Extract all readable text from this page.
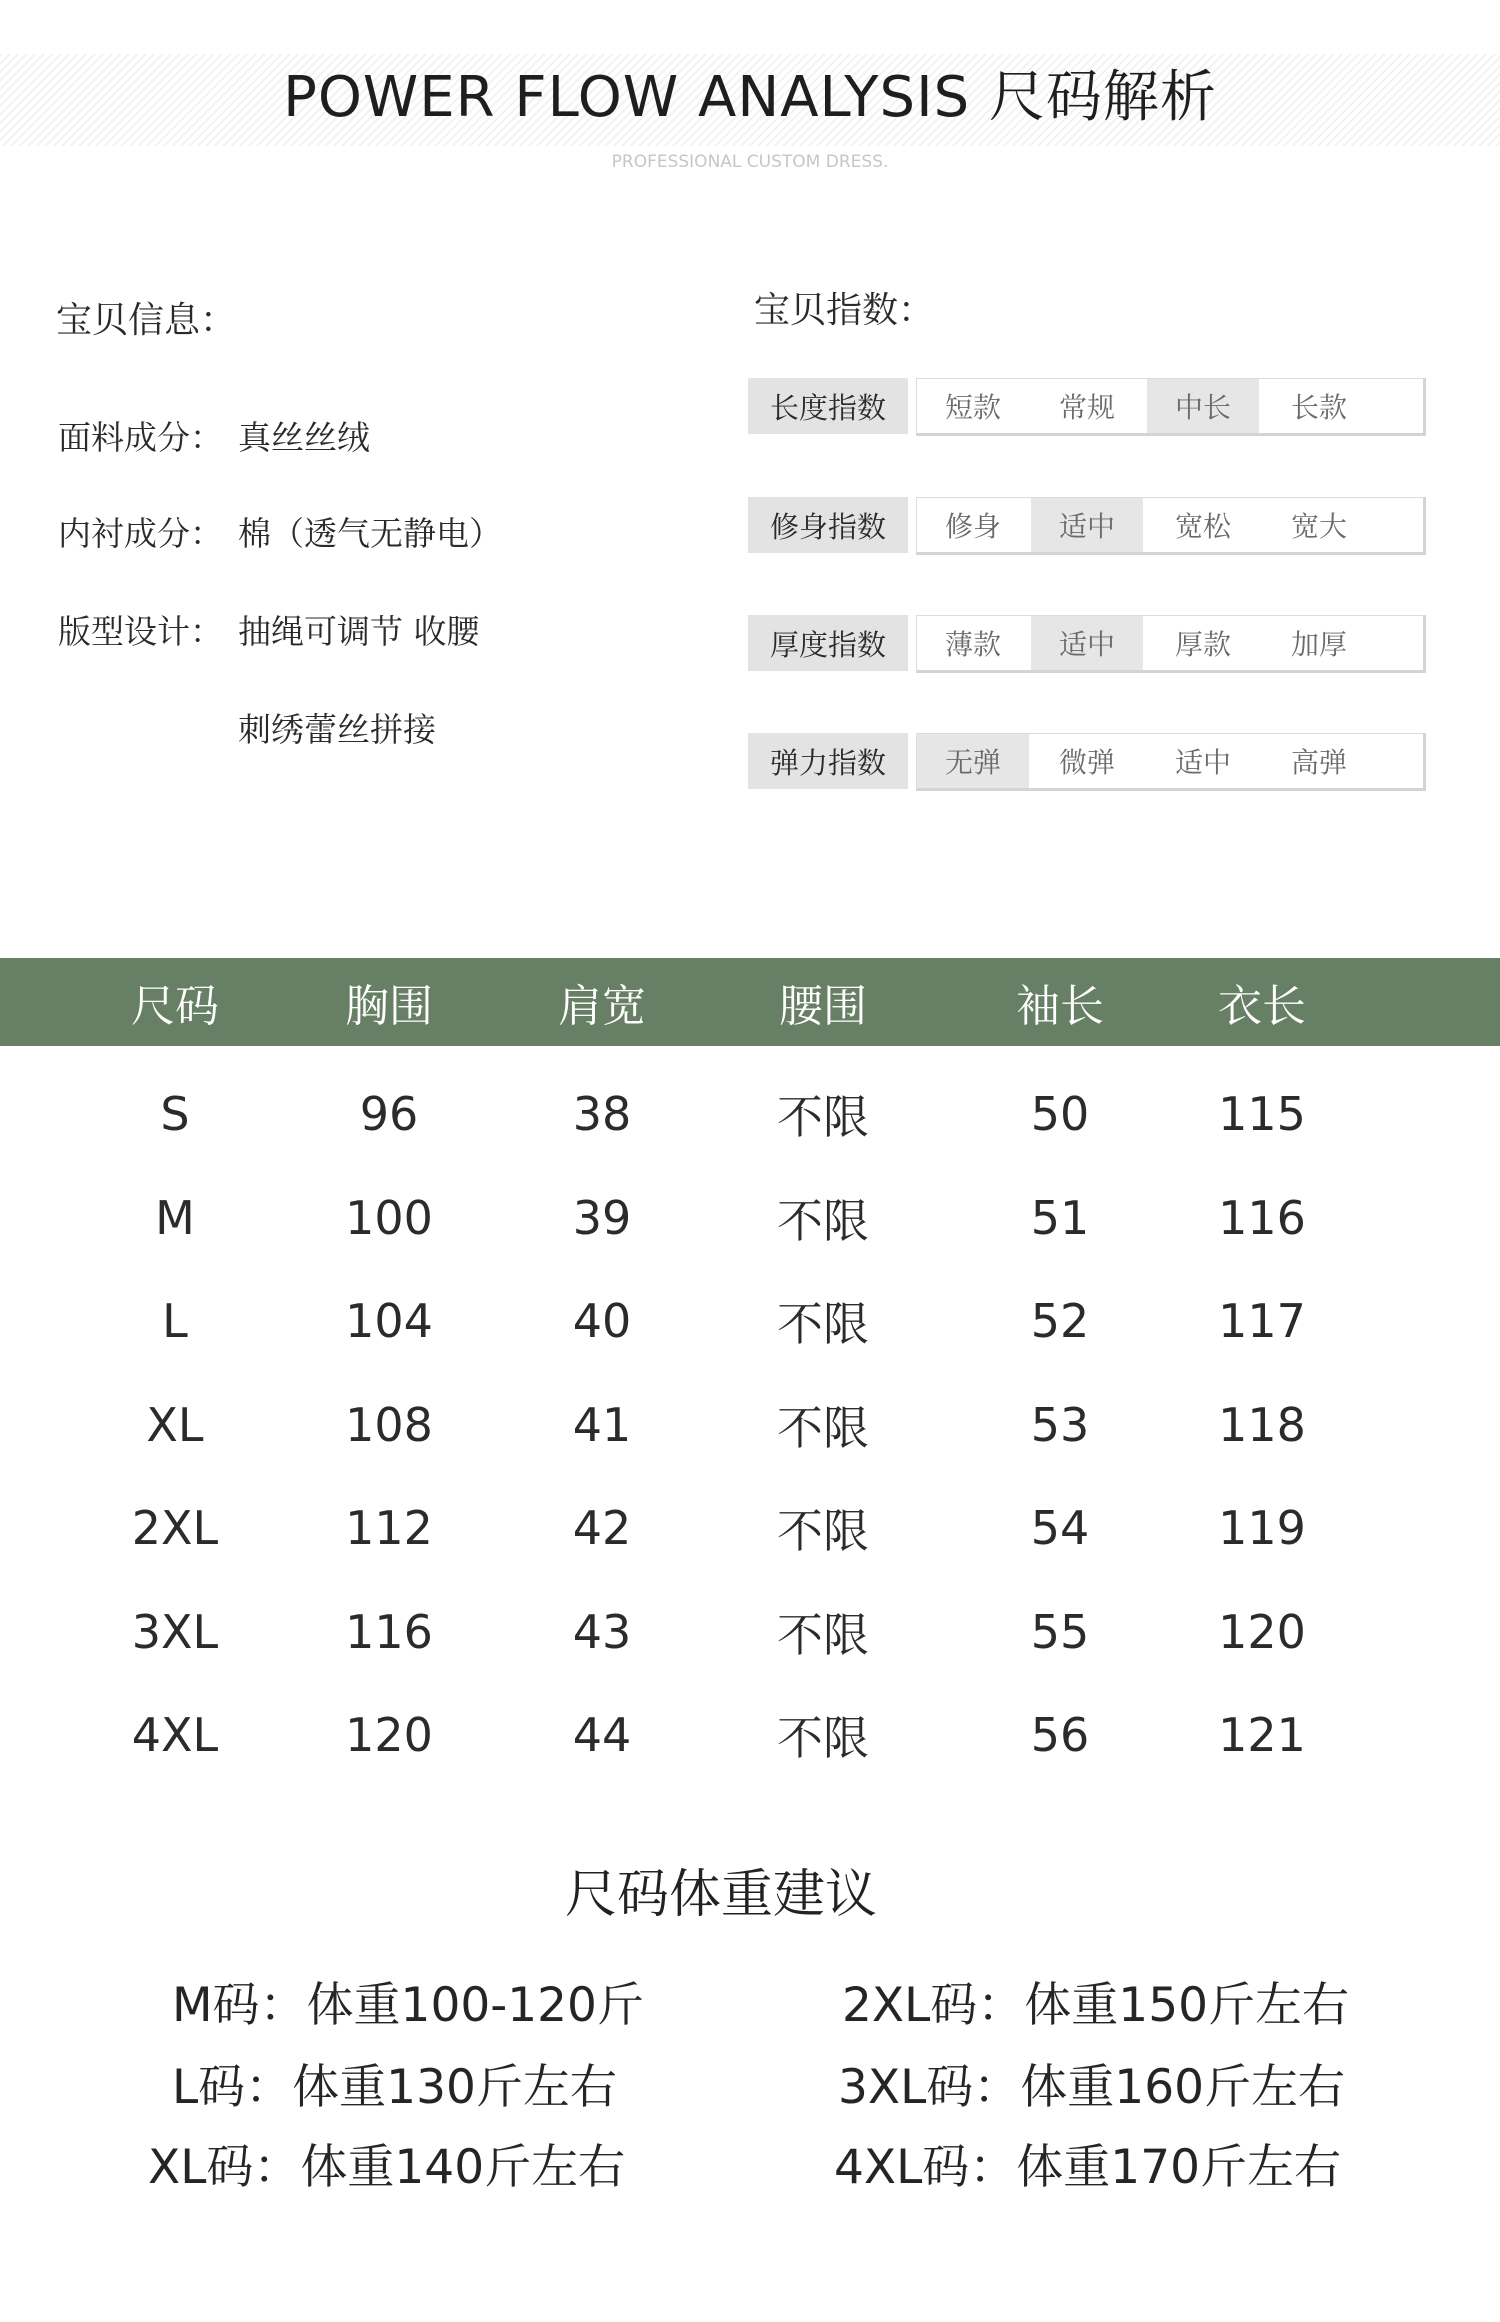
POWER FLOW ANALYSIS 尺码解析
PROFESSIONAL CUSTOM DRESS.
宝贝信息：
面料成分： 真丝丝绒
内衬成分： 棉（透气无静电）
版型设计： 抽绳可调节 收腰
刺绣蕾丝拼接
宝贝指数：
长度指数	短款	常规	中长	长款
修身指数	修身	适中	宽松	宽大
厚度指数	薄款	适中	厚款	加厚
弹力指数	无弹	微弹	适中	高弹
尺码	胸围	肩宽	腰围	袖长	衣长
S	96	38	不限	50	115
M	100	39	不限	51	116
L	104	40	不限	52	117
XL	108	41	不限	53	118
2XL	112	42	不限	54	119
3XL	116	43	不限	55	120
4XL	120	44	不限	56	121
尺码体重建议
M码：体重100-120斤
L码：体重130斤左右
XL码：体重140斤左右
2XL码：体重150斤左右
3XL码：体重160斤左右
4XL码：体重170斤左右
